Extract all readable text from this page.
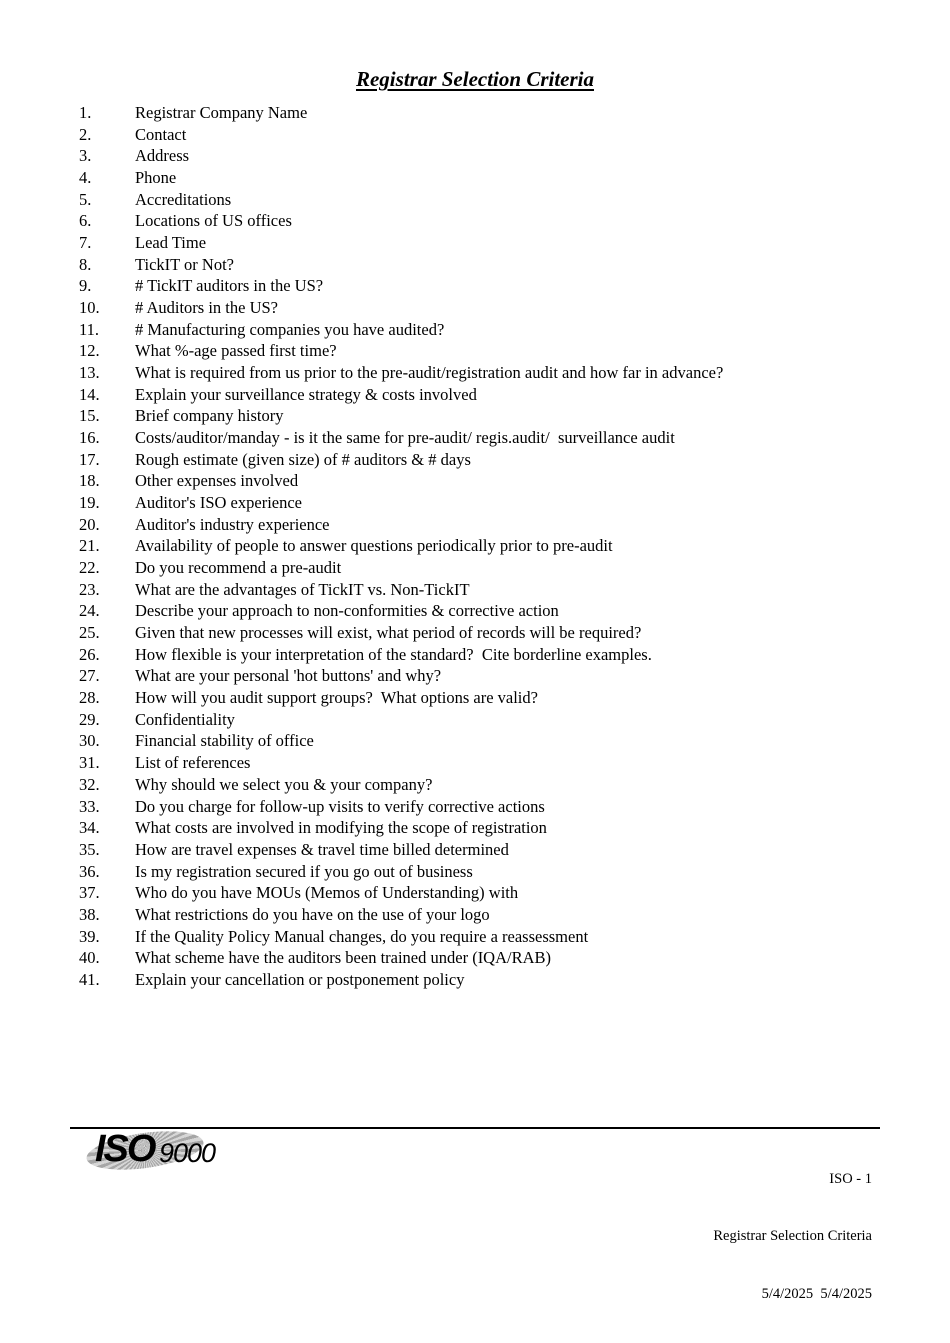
Registrar Selection Criteria
1.	Registrar Company Name
2.	Contact
3.	Address
4.	Phone
5.	Accreditations
6.	Locations of US offices
7.	Lead Time
8.	TickIT or Not?
9.	# TickIT auditors in the US?
10.	# Auditors in the US?
11.	# Manufacturing companies you have audited?
12.	What %-age passed first time?
13.	What is required from us prior to the pre-audit/registration audit and how far in advance?
14.	Explain your surveillance strategy & costs involved
15.	Brief company history
16.	Costs/auditor/manday - is it the same for pre-audit/ regis.audit/  surveillance audit
17.	Rough estimate (given size) of # auditors & # days
18.	Other expenses involved
19.	Auditor's ISO experience
20.	Auditor's industry experience
21.	Availability of people to answer questions periodically prior to pre-audit
22.	Do you recommend a pre-audit
23.	What are the advantages of TickIT vs. Non-TickIT
24.	Describe your approach to non-conformities & corrective action
25.	Given that new processes will exist, what period of records will be required?
26.	How flexible is your interpretation of the standard?  Cite borderline examples.
27.	What are your personal 'hot buttons' and why?
28.	How will you audit support groups?  What options are valid?
29.	Confidentiality
30.	Financial stability of office
31.	List of references
32.	Why should we select you & your company?
33.	Do you charge for follow-up visits to verify corrective actions
34.	What costs are involved in modifying the scope of registration
35.	How are travel expenses & travel time billed determined
36.	Is my registration secured if you go out of business
37.	Who do you have MOUs (Memos of Understanding) with
38.	What restrictions do you have on the use of your logo
39.	If the Quality Policy Manual changes, do you require a reassessment
40.	What scheme have the auditors been trained under (IQA/RAB)
41.	Explain your cancellation or postponement policy
ISO 9000

ISO - 1

Registrar Selection Criteria

5/4/2025  5/4/2025
